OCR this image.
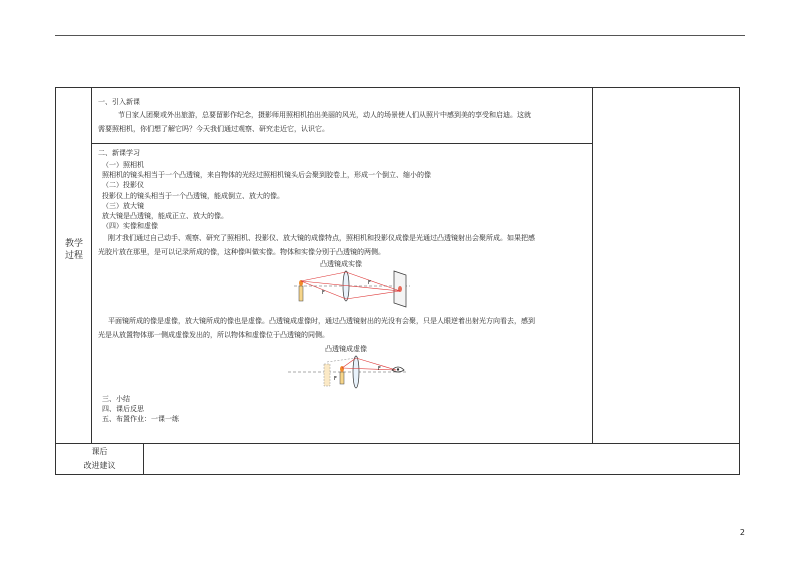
教学过程
一、引入新课
节日家人团聚或外出旅游，总要留影作纪念，摄影师用照相机拍出美丽的风光，动人的场景使人们从照片中感到美的享受和启迪。这就
需要照相机，你们想了解它吗？今天我们通过观察、研究走近它，认识它。
二、新课学习
（一）照相机
照相机的镜头相当于一个凸透镜，来自物体的光经过照相机镜头后会聚到胶卷上，形成一个倒立、缩小的像
（二）投影仪
投影仪上的镜头相当于一个凸透镜，能成倒立、放大的像。
（三）放大镜
放大镜是凸透镜，能成正立、放大的像。
（四）实像和虚像
刚才我们通过自己动手、观察、研究了照相机、投影仪、放大镜的成像特点，照相机和投影仪成像是光通过凸透镜射出会聚所成。如果把感
光胶片放在那里，是可以记录所成的像，这种像叫做实像。物体和实像分别于凸透镜的两侧。
凸透镜成实像
F
F
平面镜所成的像是虚像，放大镜所成的像也是虚像。凸透镜成虚像时，通过凸透镜射出的光没有会聚，只是人眼逆着出射光方向看去，感到
光是从放置物体那一侧成虚像发出的，所以物体和虚像位于凸透镜的同侧。
凸透镜成虚像
F
F
三、小结
四、课后反思
五、布置作业：一课一练
课后
改进建议
2
